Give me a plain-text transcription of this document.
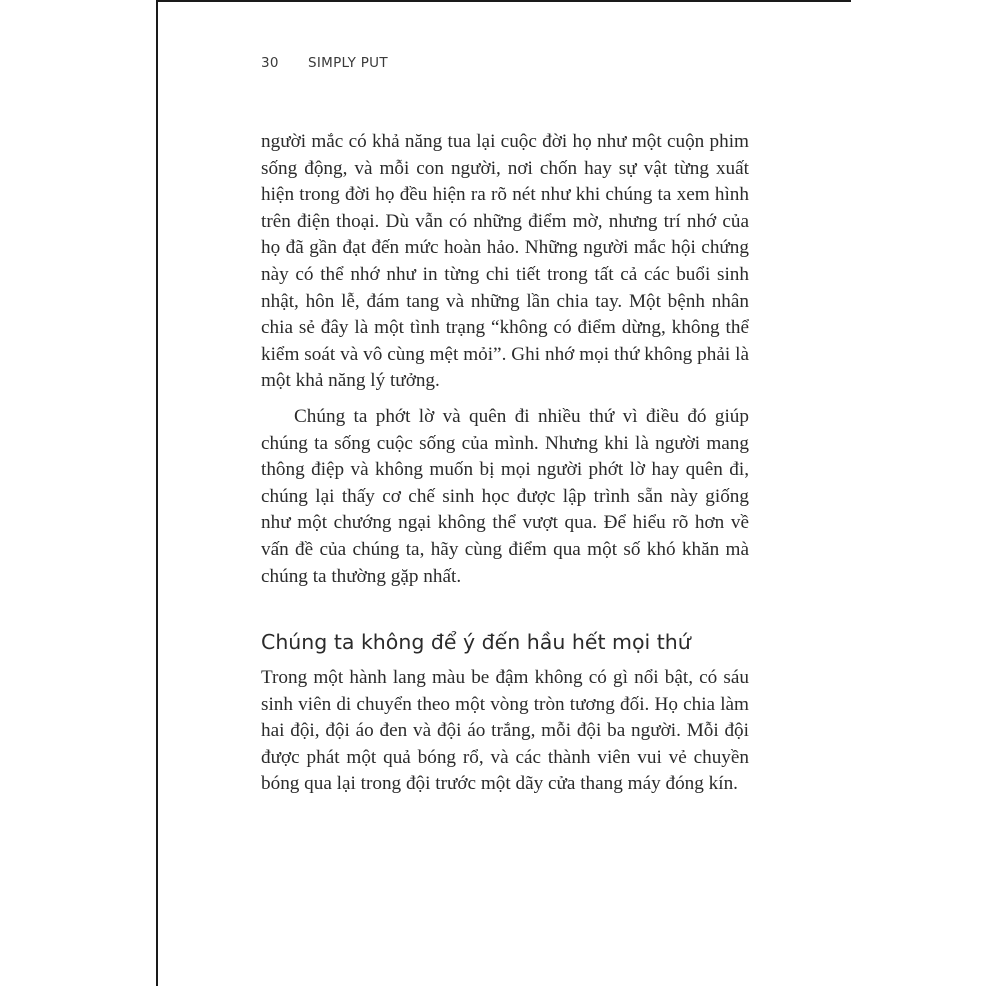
30 SIMPLY PUT

người mắc có khả năng tua lại cuộc đời họ như một cuộn phim sống động, và mỗi con người, nơi chốn hay sự vật từng xuất hiện trong đời họ đều hiện ra rõ nét như khi chúng ta xem hình trên điện thoại. Dù vẫn có những điểm mờ, nhưng trí nhớ của họ đã gần đạt đến mức hoàn hảo. Những người mắc hội chứng này có thể nhớ như in từng chi tiết trong tất cả các buổi sinh nhật, hôn lễ, đám tang và những lần chia tay. Một bệnh nhân chia sẻ đây là một tình trạng “không có điểm dừng, không thể kiểm soát và vô cùng mệt mỏi”. Ghi nhớ mọi thứ không phải là một khả năng lý tưởng.

Chúng ta phớt lờ và quên đi nhiều thứ vì điều đó giúp chúng ta sống cuộc sống của mình. Nhưng khi là người mang thông điệp và không muốn bị mọi người phớt lờ hay quên đi, chúng lại thấy cơ chế sinh học được lập trình sẵn này giống như một chướng ngại không thể vượt qua. Để hiểu rõ hơn về vấn đề của chúng ta, hãy cùng điểm qua một số khó khăn mà chúng ta thường gặp nhất.

Chúng ta không để ý đến hầu hết mọi thứ

Trong một hành lang màu be đậm không có gì nổi bật, có sáu sinh viên di chuyển theo một vòng tròn tương đối. Họ chia làm hai đội, đội áo đen và đội áo trắng, mỗi đội ba người. Mỗi đội được phát một quả bóng rổ, và các thành viên vui vẻ chuyền bóng qua lại trong đội trước một dãy cửa thang máy đóng kín.
